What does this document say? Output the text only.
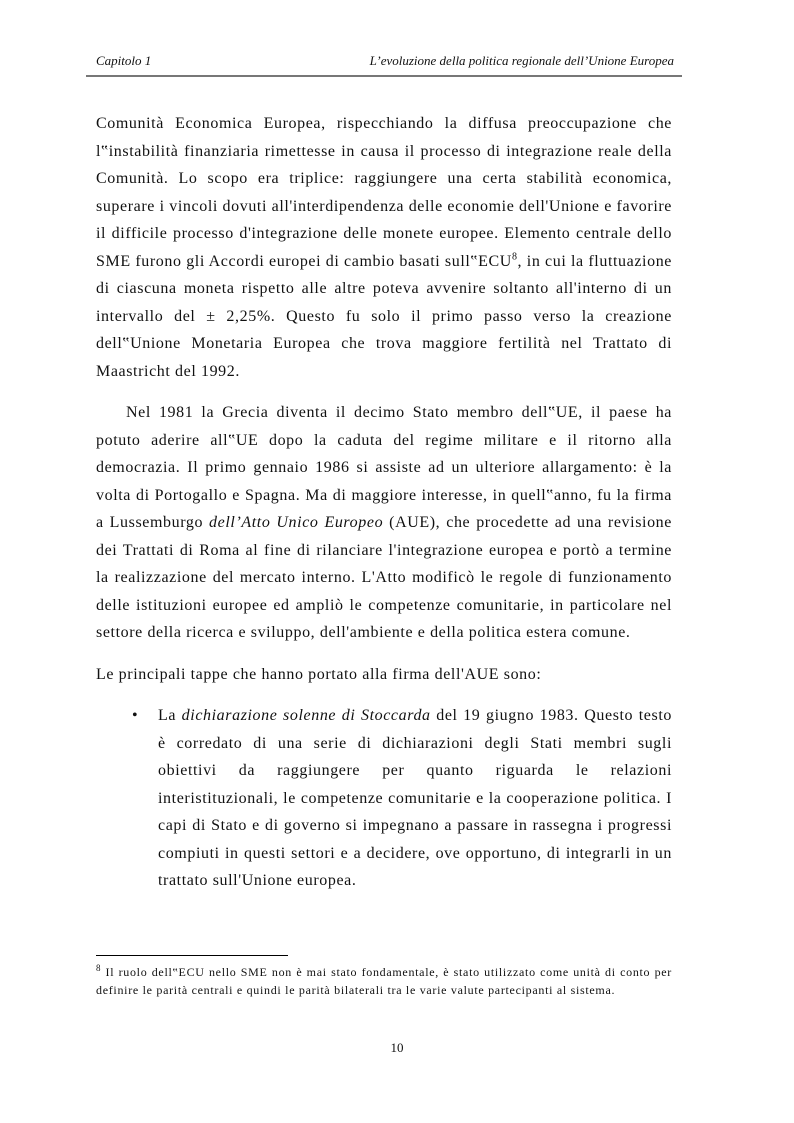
Capitolo 1	L’evoluzione della politica regionale dell’Unione Europea

Comunità Economica Europea, rispecchiando la diffusa preoccupazione che l‟instabilità finanziaria rimettesse in causa il processo di integrazione reale della Comunità. Lo scopo era triplice: raggiungere una certa stabilità economica, superare i vincoli dovuti all'interdipendenza delle economie dell'Unione e favorire il difficile processo d'integrazione delle monete europee. Elemento centrale dello SME furono gli Accordi europei di cambio basati sull‟ECU$^8$, in cui la fluttuazione di ciascuna moneta rispetto alle altre poteva avvenire soltanto all'interno di un intervallo del ± 2,25%. Questo fu solo il primo passo verso la creazione dell‟Unione Monetaria Europea che trova maggiore fertilità nel Trattato di Maastricht del 1992.

Nel 1981 la Grecia diventa il decimo Stato membro dell‟UE, il paese ha potuto aderire all‟UE dopo la caduta del regime militare e il ritorno alla democrazia. Il primo gennaio 1986 si assiste ad un ulteriore allargamento: è la volta di Portogallo e Spagna. Ma di maggiore interesse, in quell‟anno, fu la firma a Lussemburgo dell’Atto Unico Europeo (AUE), che procedette ad una revisione dei Trattati di Roma al fine di rilanciare l'integrazione europea e portò a termine la realizzazione del mercato interno. L'Atto modificò le regole di funzionamento delle istituzioni europee ed ampliò le competenze comunitarie, in particolare nel settore della ricerca e sviluppo, dell'ambiente e della politica estera comune.

Le principali tappe che hanno portato alla firma dell'AUE sono:

• La dichiarazione solenne di Stoccarda del 19 giugno 1983. Questo testo è corredato di una serie di dichiarazioni degli Stati membri sugli obiettivi da raggiungere per quanto riguarda le relazioni interistituzionali, le competenze comunitarie e la cooperazione politica. I capi di Stato e di governo si impegnano a passare in rassegna i progressi compiuti in questi settori e a decidere, ove opportuno, di integrarli in un trattato sull'Unione europea.
$^8$ Il ruolo dell‟ECU nello SME non è mai stato fondamentale, è stato utilizzato come unità di conto per definire le parità centrali e quindi le parità bilaterali tra le varie valute partecipanti al sistema.
10
